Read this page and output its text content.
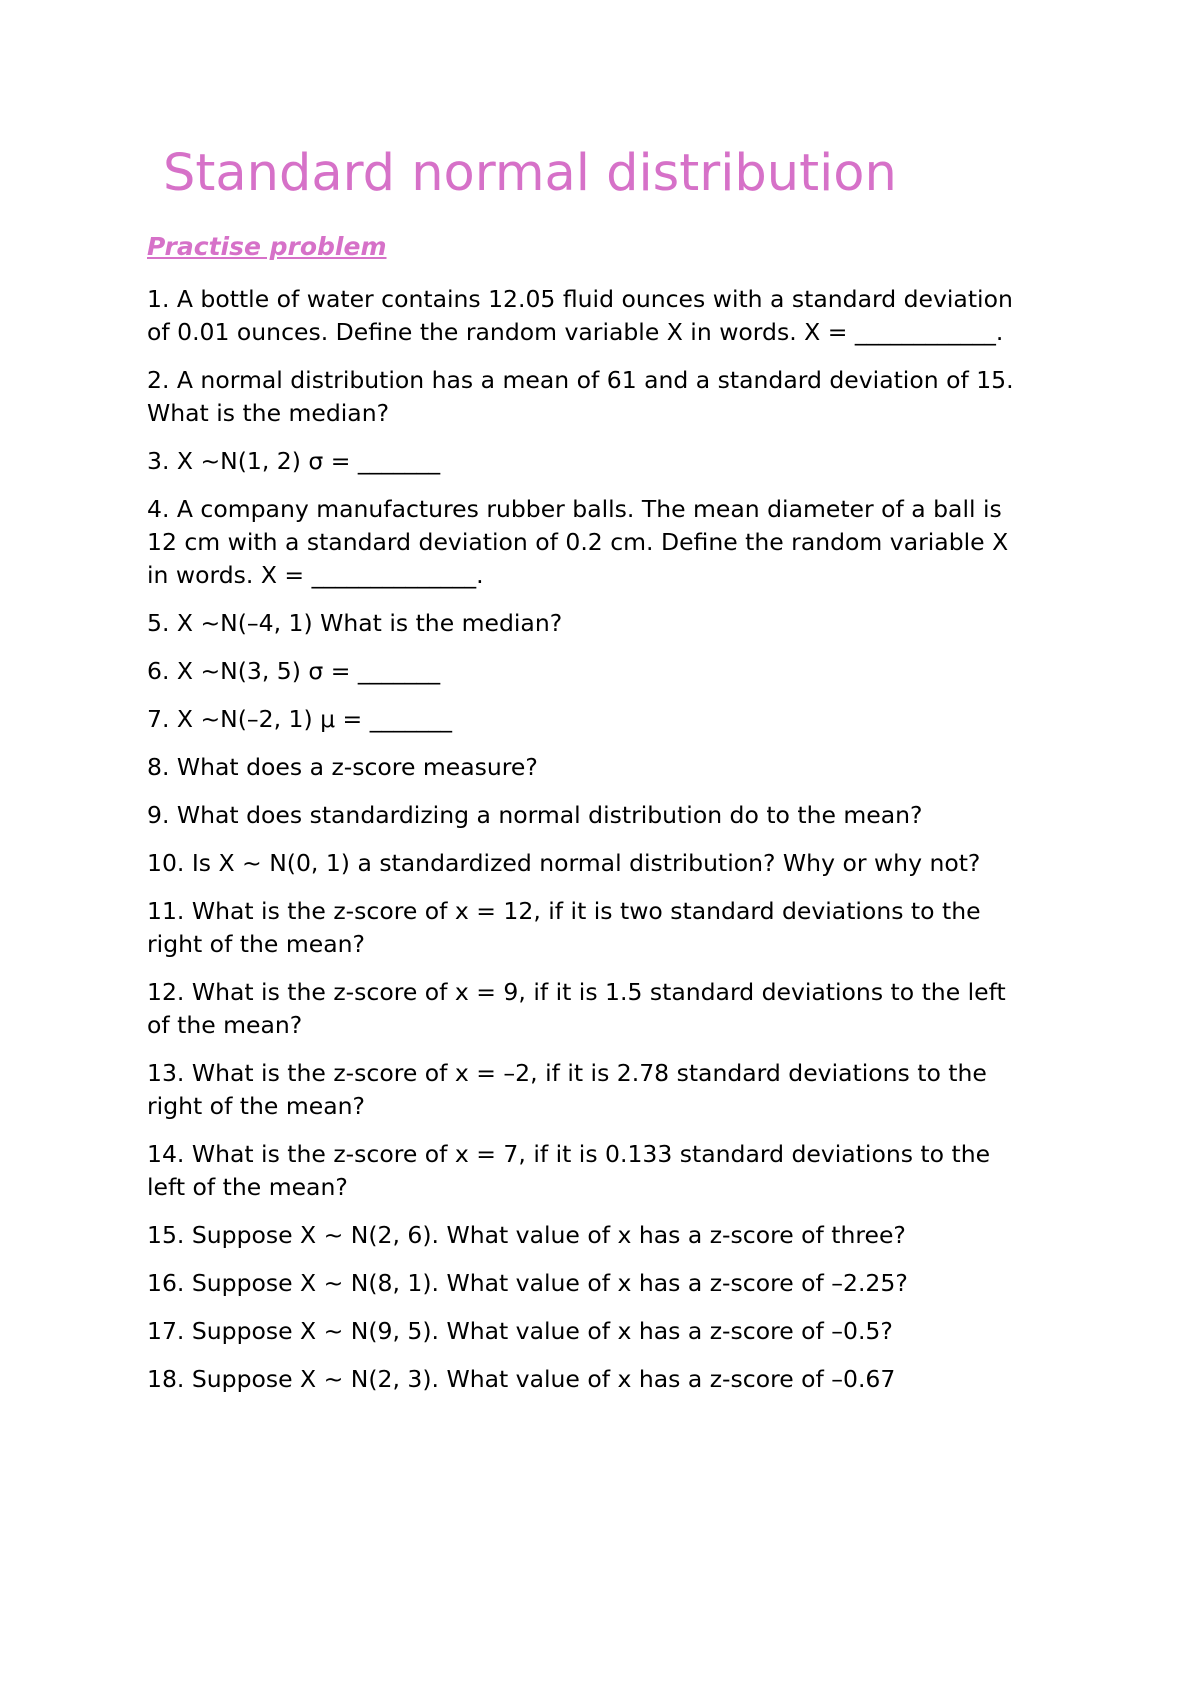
Standard normal distribution
Practise problem
1. A bottle of water contains 12.05 fluid ounces with a standard deviation
of 0.01 ounces. Define the random variable X in words. X = ____________.
2. A normal distribution has a mean of 61 and a standard deviation of 15.
What is the median?
3. X ~N(1, 2) σ = _______
4. A company manufactures rubber balls. The mean diameter of a ball is
12 cm with a standard deviation of 0.2 cm. Define the random variable X
in words. X = ______________.
5. X ~N(–4, 1) What is the median?
6. X ~N(3, 5) σ = _______
7. X ~N(–2, 1) μ = _______
8. What does a z-score measure?
9. What does standardizing a normal distribution do to the mean?
10. Is X ~ N(0, 1) a standardized normal distribution? Why or why not?
11. What is the z-score of x = 12, if it is two standard deviations to the
right of the mean?
12. What is the z-score of x = 9, if it is 1.5 standard deviations to the left
of the mean?
13. What is the z-score of x = –2, if it is 2.78 standard deviations to the
right of the mean?
14. What is the z-score of x = 7, if it is 0.133 standard deviations to the
left of the mean?
15. Suppose X ~ N(2, 6). What value of x has a z-score of three?
16. Suppose X ~ N(8, 1). What value of x has a z-score of –2.25?
17. Suppose X ~ N(9, 5). What value of x has a z-score of –0.5?
18. Suppose X ~ N(2, 3). What value of x has a z-score of –0.67
